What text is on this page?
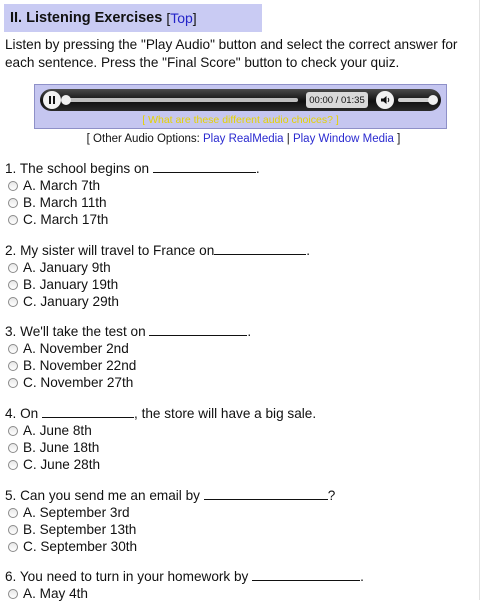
II. Listening Exercises [Top]
Listen by pressing the "Play Audio" button and select the correct answer for each sentence. Press the "Final Score" button to check your quiz.
00:00 / 01:35
[ What are these different audio choices? ]
[ Other Audio Options: Play RealMedia | Play Window Media ]
1. The school begins on	.
A. March 7th
B. March 11th
C. March 17th
2. My sister will travel to France on	.
A. January 9th
B. January 19th
C. January 29th
3. We'll take the test on	.
A. November 2nd
B. November 22nd
C. November 27th
4. On	, the store will have a big sale.
A. June 8th
B. June 18th
C. June 28th
5. Can you send me an email by	?
A. September 3rd
B. September 13th
C. September 30th
6. You need to turn in your homework by	.
A. May 4th
